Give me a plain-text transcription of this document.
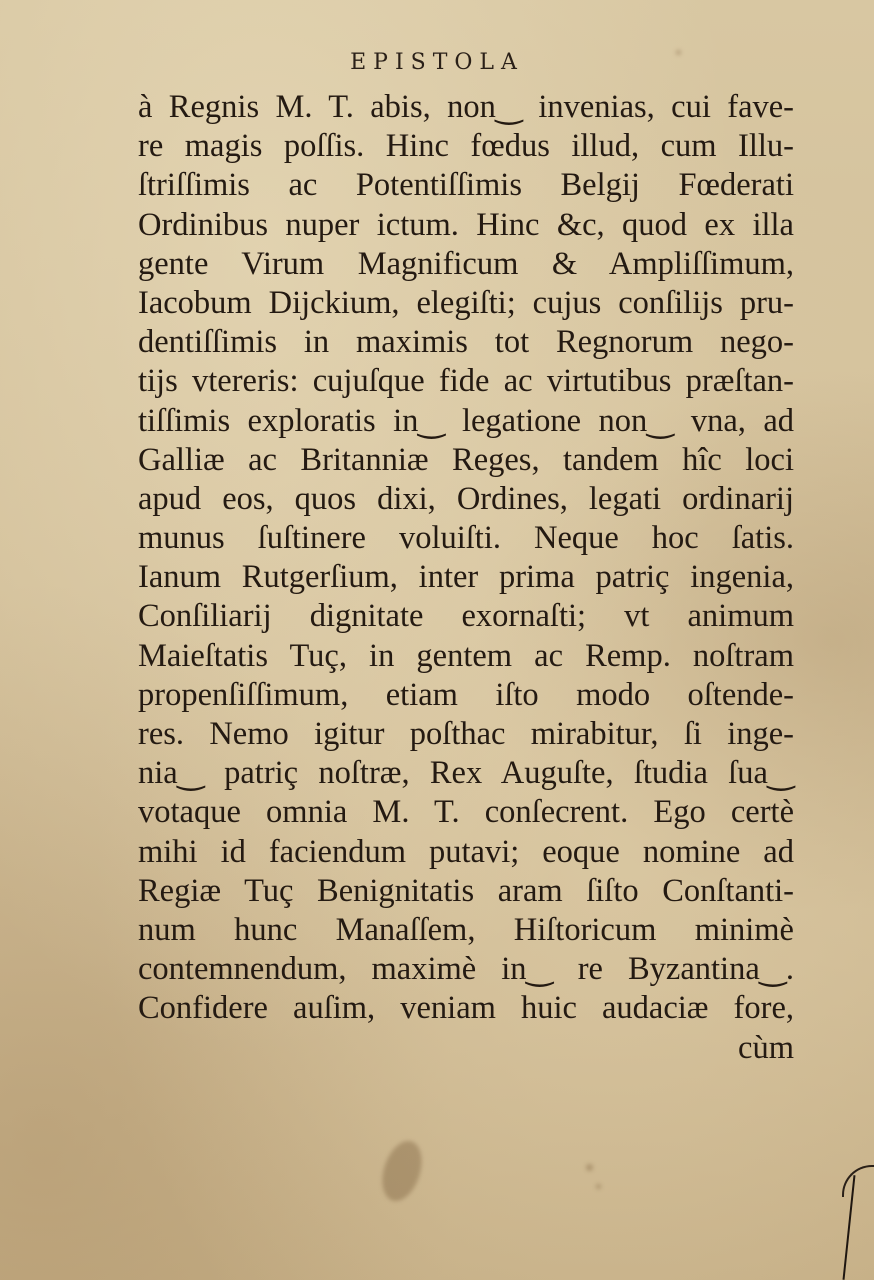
EPISTOLA
à Regnis M. T. abis, non‿ invenias, cui fave-
re magis poſſis. Hinc fœdus illud, cum Illu-
ſtriſſimis ac Potentiſſimis Belgij Fœderati
Ordinibus nuper ictum. Hinc &c, quod ex illa
gente Virum Magnificum & Ampliſſimum,
Iacobum Dijckium, elegiſti; cujus conſilijs pru-
dentiſſimis in maximis tot Regnorum nego-
tijs vtereris: cujuſque fide ac virtutibus præſtan-
tiſſimis exploratis in‿ legatione non‿ vna, ad
Galliæ ac Britanniæ Reges, tandem hîc loci
apud eos, quos dixi, Ordines, legati ordinarij
munus ſuſtinere voluiſti. Neque hoc ſatis.
Ianum Rutgerſium, inter prima patriç ingenia,
Conſiliarij dignitate exornaſti; vt animum
Maieſtatis Tuç, in gentem ac Remp. noſtram
propenſiſſimum, etiam iſto modo oſtende-
res. Nemo igitur poſthac mirabitur, ſi inge-
nia‿ patriç noſtræ, Rex Auguſte, ſtudia ſua‿
votaque omnia M. T. conſecrent. Ego certè
mihi id faciendum putavi; eoque nomine ad
Regiæ Tuç Benignitatis aram ſiſto Conſtanti-
num hunc Manaſſem, Hiſtoricum minimè
contemnendum, maximè in‿ re Byzantina‿.
Confidere auſim, veniam huic audaciæ fore,
cùm
